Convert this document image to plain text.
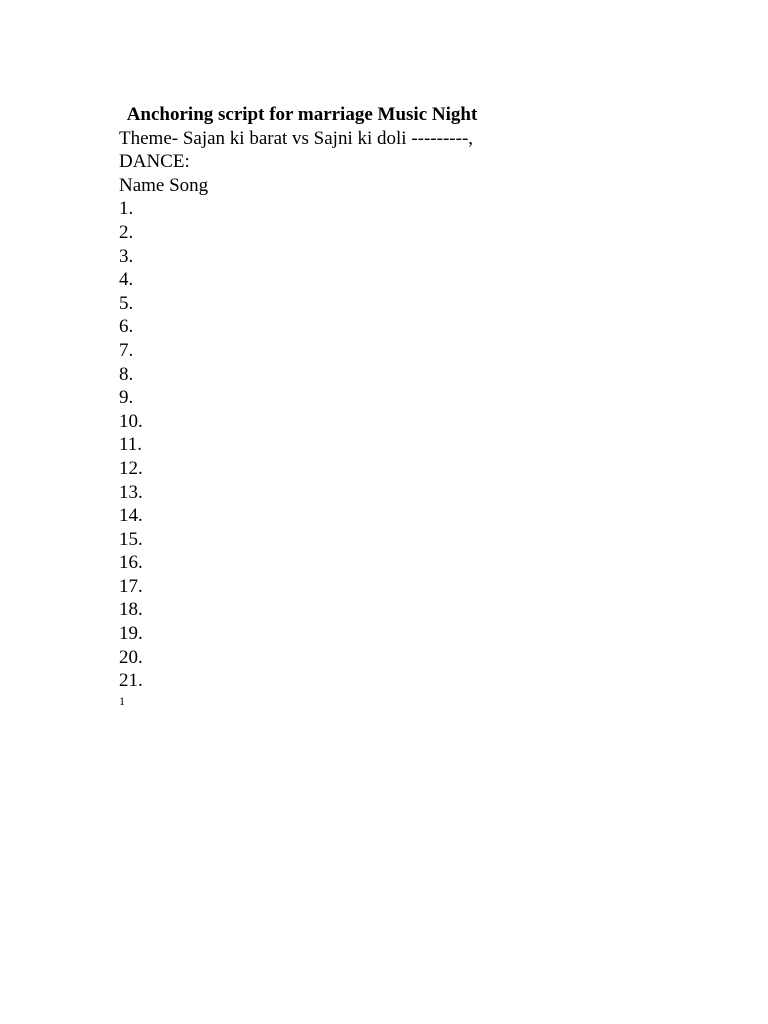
Anchoring script for marriage Music Night
Theme- Sajan ki barat vs Sajni ki doli ---------,
DANCE:
Name Song
1.
2.
3.
4.
5.
6.
7.
8.
9.
10.
11.
12.
13.
14.
15.
16.
17.
18.
19.
20.
21.
1
